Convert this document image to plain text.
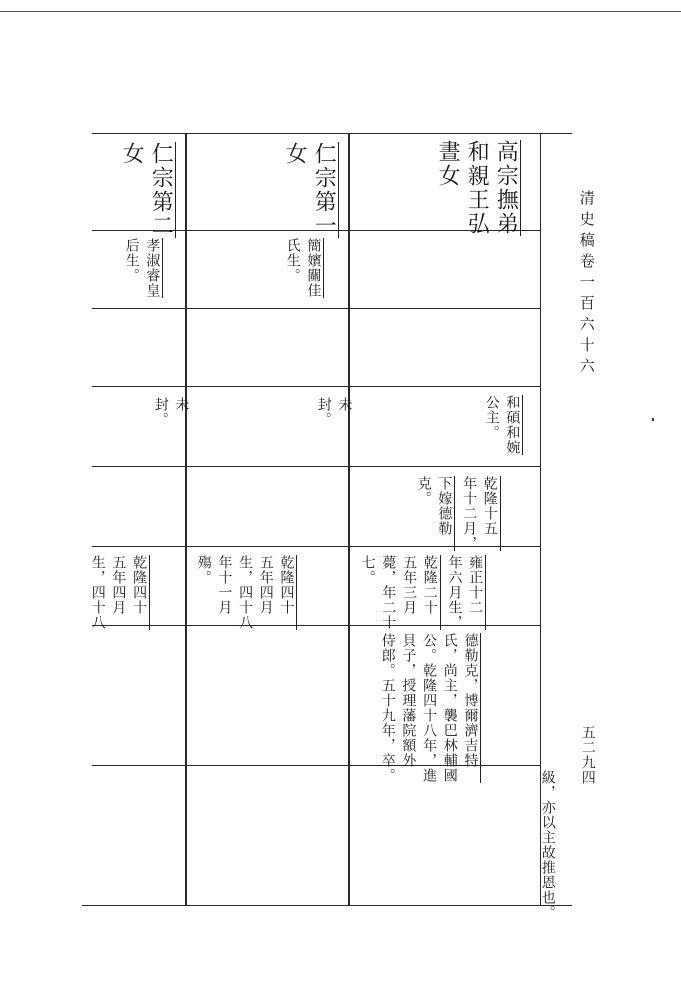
清史稿卷一百六十六
五二九四
高宗撫弟
和親王弘
晝女
和碩和婉
公主。
乾隆十五
年十二月，
下嫁德勒
克。
雍正十二
年六月生，
乾隆二十
五年三月
薨，年二十
七。
德勒克，博爾濟吉特
氏，尚主，襲巴林輔國
公。乾隆四十八年，進
貝子，授理藩院額外
侍郎。五十九年，卒。
仁宗第一
女
簡嬪關佳
氏生。
未
封。
乾隆四十
五年四月
生，四十八
年十一月
殤。
仁宗第二
女
孝淑睿皇
后生。
未
封。
乾隆四十
五年四月
生，四十八
級，亦以主故推恩也。
